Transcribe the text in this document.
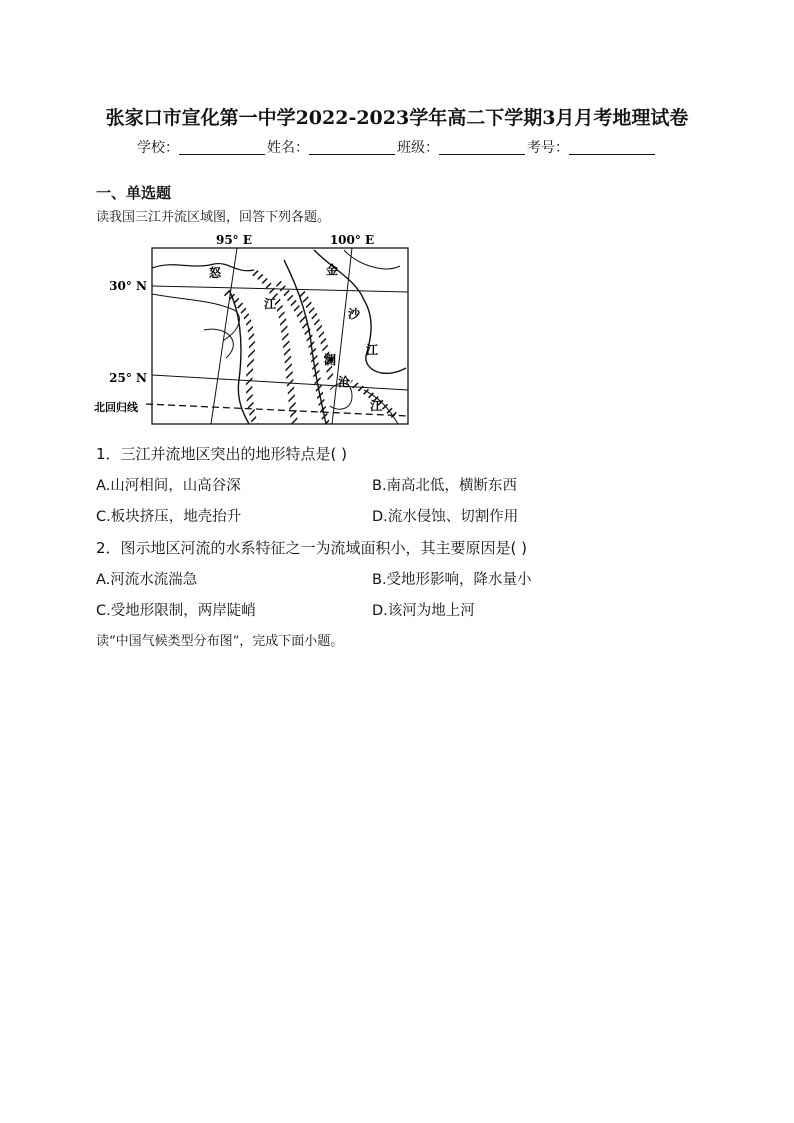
张家口市宣化第一中学2022-2023学年高二下学期3月月考地理试卷
学校：	姓名：	班级：	考号：
一、单选题
读我国三江并流区域图，回答下列各题。
95° E	100° E
30° N
25° N
北回归线
怒
江
金
沙
江
澜
沧
江
1．三江并流地区突出的地形特点是( )
A.山河相间，山高谷深	B.南高北低，横断东西
C.板块挤压，地壳抬升	D.流水侵蚀、切割作用
2．图示地区河流的水系特征之一为流域面积小，其主要原因是( )
A.河流水流湍急	B.受地形影响，降水量小
C.受地形限制，两岸陡峭	D.该河为地上河
读“中国气候类型分布图”，完成下面小题。
